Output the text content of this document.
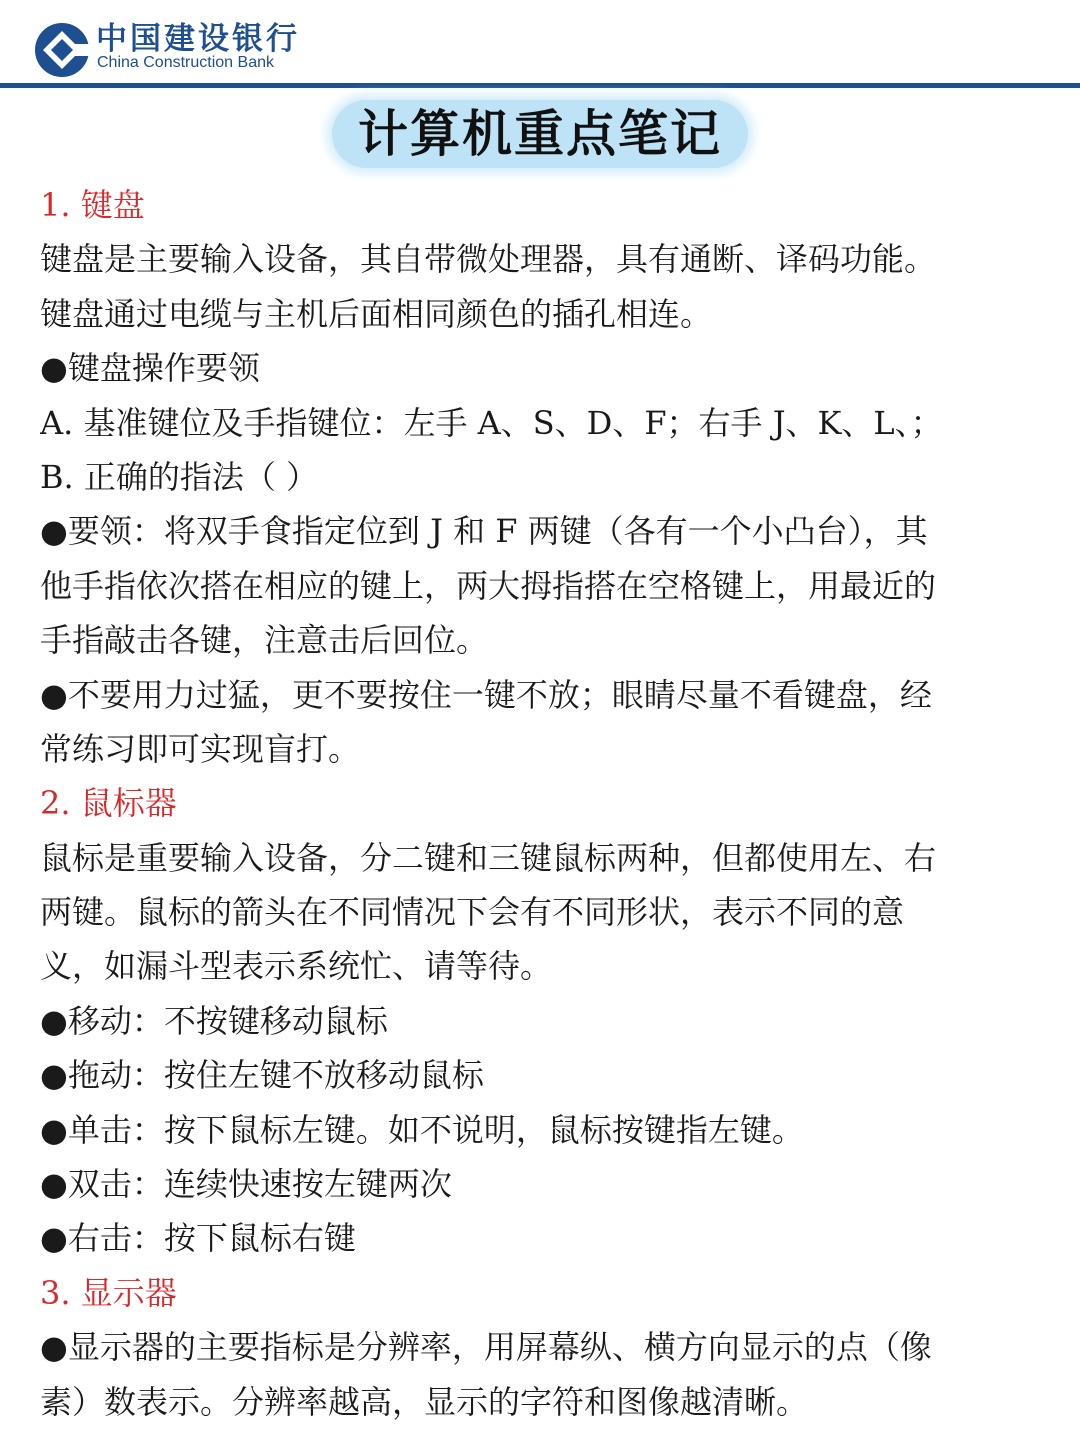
中国建设银行
China Construction Bank
计算机重点笔记
1. 键盘
键盘是主要输入设备，其自带微处理器，具有通断、译码功能。
键盘通过电缆与主机后面相同颜色的插孔相连。
●键盘操作要领
A. 基准键位及手指键位：左手 A、S、D、F；右手 J、K、L、；
B. 正确的指法（ ）
●要领：将双手食指定位到 J 和 F 两键（各有一个小凸台），其
他手指依次搭在相应的键上，两大拇指搭在空格键上，用最近的
手指敲击各键，注意击后回位。
●不要用力过猛，更不要按住一键不放；眼睛尽量不看键盘，经
常练习即可实现盲打。
2. 鼠标器
鼠标是重要输入设备，分二键和三键鼠标两种，但都使用左、右
两键。鼠标的箭头在不同情况下会有不同形状，表示不同的意
义，如漏斗型表示系统忙、请等待。
●移动：不按键移动鼠标
●拖动：按住左键不放移动鼠标
●单击：按下鼠标左键。如不说明，鼠标按键指左键。
●双击：连续快速按左键两次
●右击：按下鼠标右键
3. 显示器
●显示器的主要指标是分辨率，用屏幕纵、横方向显示的点（像
素）数表示。分辨率越高，显示的字符和图像越清晰。
